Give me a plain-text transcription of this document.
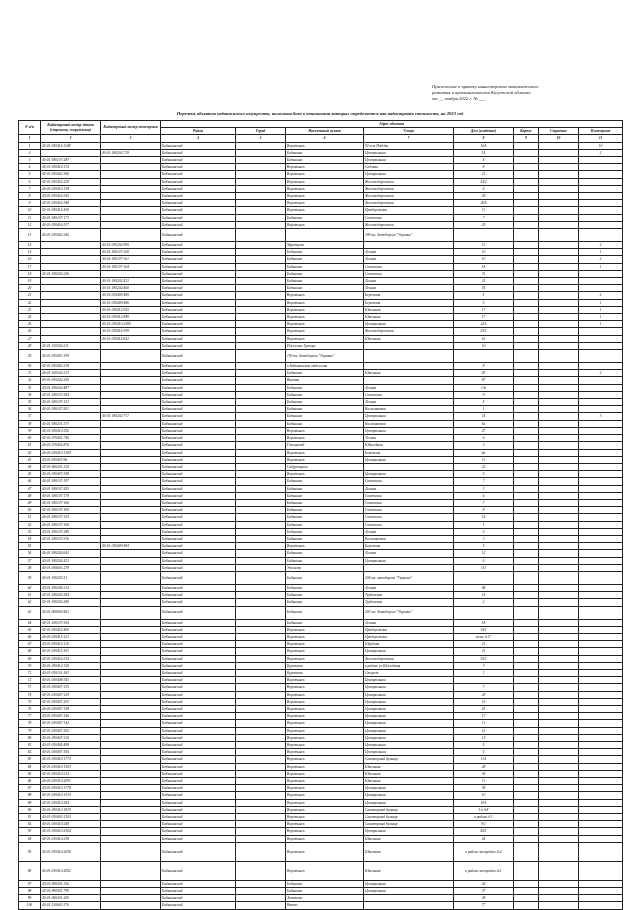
Приложение к приказу министерства экономического
развития и промышленности Калужской области
от __ ноября 2022 г. № ___
Перечень объектов недвижимого имущества, налоговая база в отношении которых определяется как кадастровая стоимость, на 2023 год
N п/п	Кадастровый номер здания (строения, сооружения)	Кадастровый номер помещения	Адрес объекта							
			Район	Город	Населенный пункт	Улица	Дом (владение)	Корпус	Строение	Помещение
1	2	3	4	5	6	7	8	9	10	11
1	40:01:030414:1108		Бабынинский		Воротынск	50 лет Победы	16А			10
2		40:01:180202:719	Бабынинский		Бабынино	Центральная	14			2
3	40:01:180107:287		Бабынинский		Бабынино	Центральная	4			
4	40:01:030416:134		Бабынинский		Воротынск	Садовая	8			
5	40:01:030402:360		Бабынинский		Воротынск	Центральная	21			
6	40:01:030416:229		Бабынинский		Воротынск	Железнодорожная	24/2			
7	40:01:030416:138		Бабынинский		Воротынск	Железнодорожная	6			
8	40:01:030416:345		Бабынинский		Воротынск	Железнодорожная	29			
9	40:01:030416:348		Бабынинский		Воротынск	Железнодорожная	20А			
10	40:01:030415:436		Бабынинский		Воротынск	Придорожная	13			
11	40:01:180107:173		Бабынинский		Бабынино	Советская	7			
12	40:01:030416:337		Бабынинский		Воротынск	Железнодорожная	29			
13	40:01:030402:246		Бабынинский			189 км. Автодороги "Украина"				
14		40:01:030202:995	Бабынинский		Муромцево		13			2
15		40:01:180107:160	Бабынинский		Бабынино	Ленина	10			1
16		40:01:180107:161	Бабынинский		Бабынино	Ленина	10			2
17		40:01:180107:164	Бабынинский		Бабынино	Советская	3А			1
18	40:01:180202:236		Бабынинский		Бабынино	Советская	31			
19		40:01:180202:431	Бабынинский		Бабынино	Ленина	21			
20		40:01:180202:460	Бабынинский		Бабынино	Ленина	55			
21		40:01:030409:485	Бабынинский		Воротынск	Березовая	5			2
22		40:01:030409:486	Бабынинский		Воротынск	Березовая	5			1
23		40:01:030412:925	Бабынинский		Воротынск	Школьная	17			1
24		40:01:030412:849	Бабынинский		Воротынск	Школьная	17			1
25		40:01:030410:2280	Бабынинский		Воротынск	Центральная	22А			1
26		40:01:030416:359	Бабынинский		Воротынск	Железнодорожная	25/1			
27		40:01:030414:652	Бабынинский		Воротынск	Школьная	16			
28	40:01:150302:211		Бабынинский		Поселение Хутора		10			
29	40:01:030403:199		Бабынинский		190 км. Автодороги "Украина"					
30	40:01:030402:218		Бабынинский		в Бабынинском отделении		8			
31	40:01:160302:213		Бабынинский		Бабынино	Школьная	43			2
32	40:01:030202:250		Бабынинский		Вязовна		87			
33	40:01:180202:487		Бабынинский		Бабынино	Ленина	13в			
34	40:01:180107:284		Бабынинский		Бабынино	Советская	9			
35	40:01:180107:151		Бабынинский		Бабынино	Ленина	5			
36	40:01:180107:201		Бабынинский		Бабынино	Космонавтов	1			
37		40:01:180202:717	Бабынинский		Бабынино	Центральная	14			3
38	40:01:180201:373		Бабынинский		Бабынино	Космонавтов	5а			
39	40:01:030410:256		Бабынинский		Воротынск	Центральная	47			
40	40:01:070401:746		Бабынинский		Воротынск	Лесная	6			
41	40:01:070402:876		Бабынинский		Газопровод	Юбилейная	3			
42	40:01:030410:1309		Бабынинский		Воротынск	Березовая	4а			
43	40:01:030407:96		Бабынинский		Воротынск	Центральная	13			
44	40:01:060201:120		Бабынинский		Сабуровщино		22			
45	40:01:030407:358		Бабынинский		Воротынск	Центральная	5			
46	40:01:180107:197		Бабынинский		Бабынино	Советская	7			
47	40:01:180107:205		Бабынинский		Бабынино	Ленина	3			
48	40:01:180107:179		Бабынинский		Бабынино	Советская	6			
49	40:01:180107:166		Бабынинский		Бабынино	Советская	7			
50	40:01:180107:190		Бабынинский		Бабынино	Советская	8			
51	40:01:180107:155		Бабынинский		Бабынино	Советская	14			
52	40:01:180107:168		Бабынинский		Бабынино	Советская	1			
53	40:01:180107:289		Бабынинский		Бабынино	Ленина	2			
54	40:01:180107:216		Бабынинский		Бабынино	Космонавтов	3			
55		40:01:030409:484	Бабынинский		Воротынск	Березовая	5			
56	40:01:180202:642		Бабынинский		Бабынино	Ленина	12			
57	40:01:180202:413		Бабынинский		Бабынино	Центральная	6			
58	40:01:050601:278		Бабынинский		Утешево		113			
59	40:01:180203:51		Бабынинский		Бабынино	204 км. автодороги "Украина"				
60	40:01:180204:312		Бабынинский		Бабынино	Ленина	48			
61	40:01:180202:284		Бабынинский		Бабынино	Трубенская	14			
62	40:01:180202:280		Бабынинский		Бабынино	Трубенская	2			
63	40:01:000000:461		Бабынинский		Бабынино	203 км. Автодороги "Украина"				
64	40:01:180107:304		Бабынинский		Бабынино	Ленина	3А			
65	40:01:030415:400		Бабынинский		Воротынск	Придорожная	10/1			
66	40:01:030415:121		Бабынинский		Воротынск	Придорожная	возле д.17			
67	40:01:030415:116		Бабынинский		Воротынск	Щербина	21			
68	40:01:030415:163		Бабынинский		Воротынск	Центральная	21			
69	40:01:030416:215		Бабынинский		Воротынск	Железнодорожная	30/1			
70	40:01:030412:320		Бабынинский		Куровская	в районе ул.Шоссейная	3			
71	40:01:030101:363		Бабынинский		Куровская	Сторож	3			
72	40:01:030408:343		Бабынинский		Воротынск	Центральная				
73	40:01:030407:135		Бабынинский		Воротынск	Центральная	7			
74	40:01:030407:129		Бабынинский		Воротынск	Центральная	29			
75	40:01:030407:203		Бабынинский		Воротынск	Центральная	19			
76	40:01:030407:158		Бабынинский		Воротынск	Центральная	41			
77	40:01:030407:146		Бабынинский		Воротынск	Центральная	17			
78	40:01:030407:142		Бабынинский		Воротынск	Центральная	11			
79	40:01:030407:202		Бабынинский		Воротынск	Центральная	15			
80	40:01:030407:210		Бабынинский		Воротынск	Центральная	13			
81	40:01:030405:498		Бабынинский		Воротынск	Центральная	5			
82	40:01:030407:194		Бабынинский		Воротынск	Центральная	4			
83	40:01:030410:1775		Бабынинский		Воротынск	Санаторный бульвар	11А			
84	40:01:030410:1503		Бабынинский		Воротынск	Школьная	28			
85	40:01:030410:214		Бабынинский		Воротынск	Школьная	30			
86	40:01:030410:2091		Бабынинский		Воротынск	Школьная	11			
87	40:01:030410:1778		Бабынинский		Воротынск	Центральная	38			
88	40:01:030410:1510		Бабынинский		Воротынск	Центральная	10			
89	40:01:030410:284		Бабынинский		Воротынск	Центральная	10А			
90	40:01:030410:1819		Бабынинский		Воротынск	Санаторный бульвар	5 в д.8			
91	40:01:030403:1305		Бабынинский		Воротынск	Санаторный бульвар	в районе д.1			
92	40:01:030410:248		Бабынинский		Воротынск	Санаторный бульвар	9/1			
93	40:01:030410:2364		Бабынинский		Воротынск	Центральная	44/1			
94	40:01:030410:238		Бабынинский		Воротынск	Школьная	24			
95	40:01:030410:2058		Бабынинский		Воротынск	Школьная	в районе застройки №2			
96	40:01:030410:2092		Бабынинский		Воротынск	Школьная	в районе застройки №1			
97	40:01:090501:326		Бабынинский		Бабынино	Центральная	26			
98	40:01:090501:799		Бабынинский		Бабынино	Центральная	37			
99	40:01:060201:260		Бабынинский		Антоново		28			
100	40:01:120603:176		Бабынинский		Вязово		77			
